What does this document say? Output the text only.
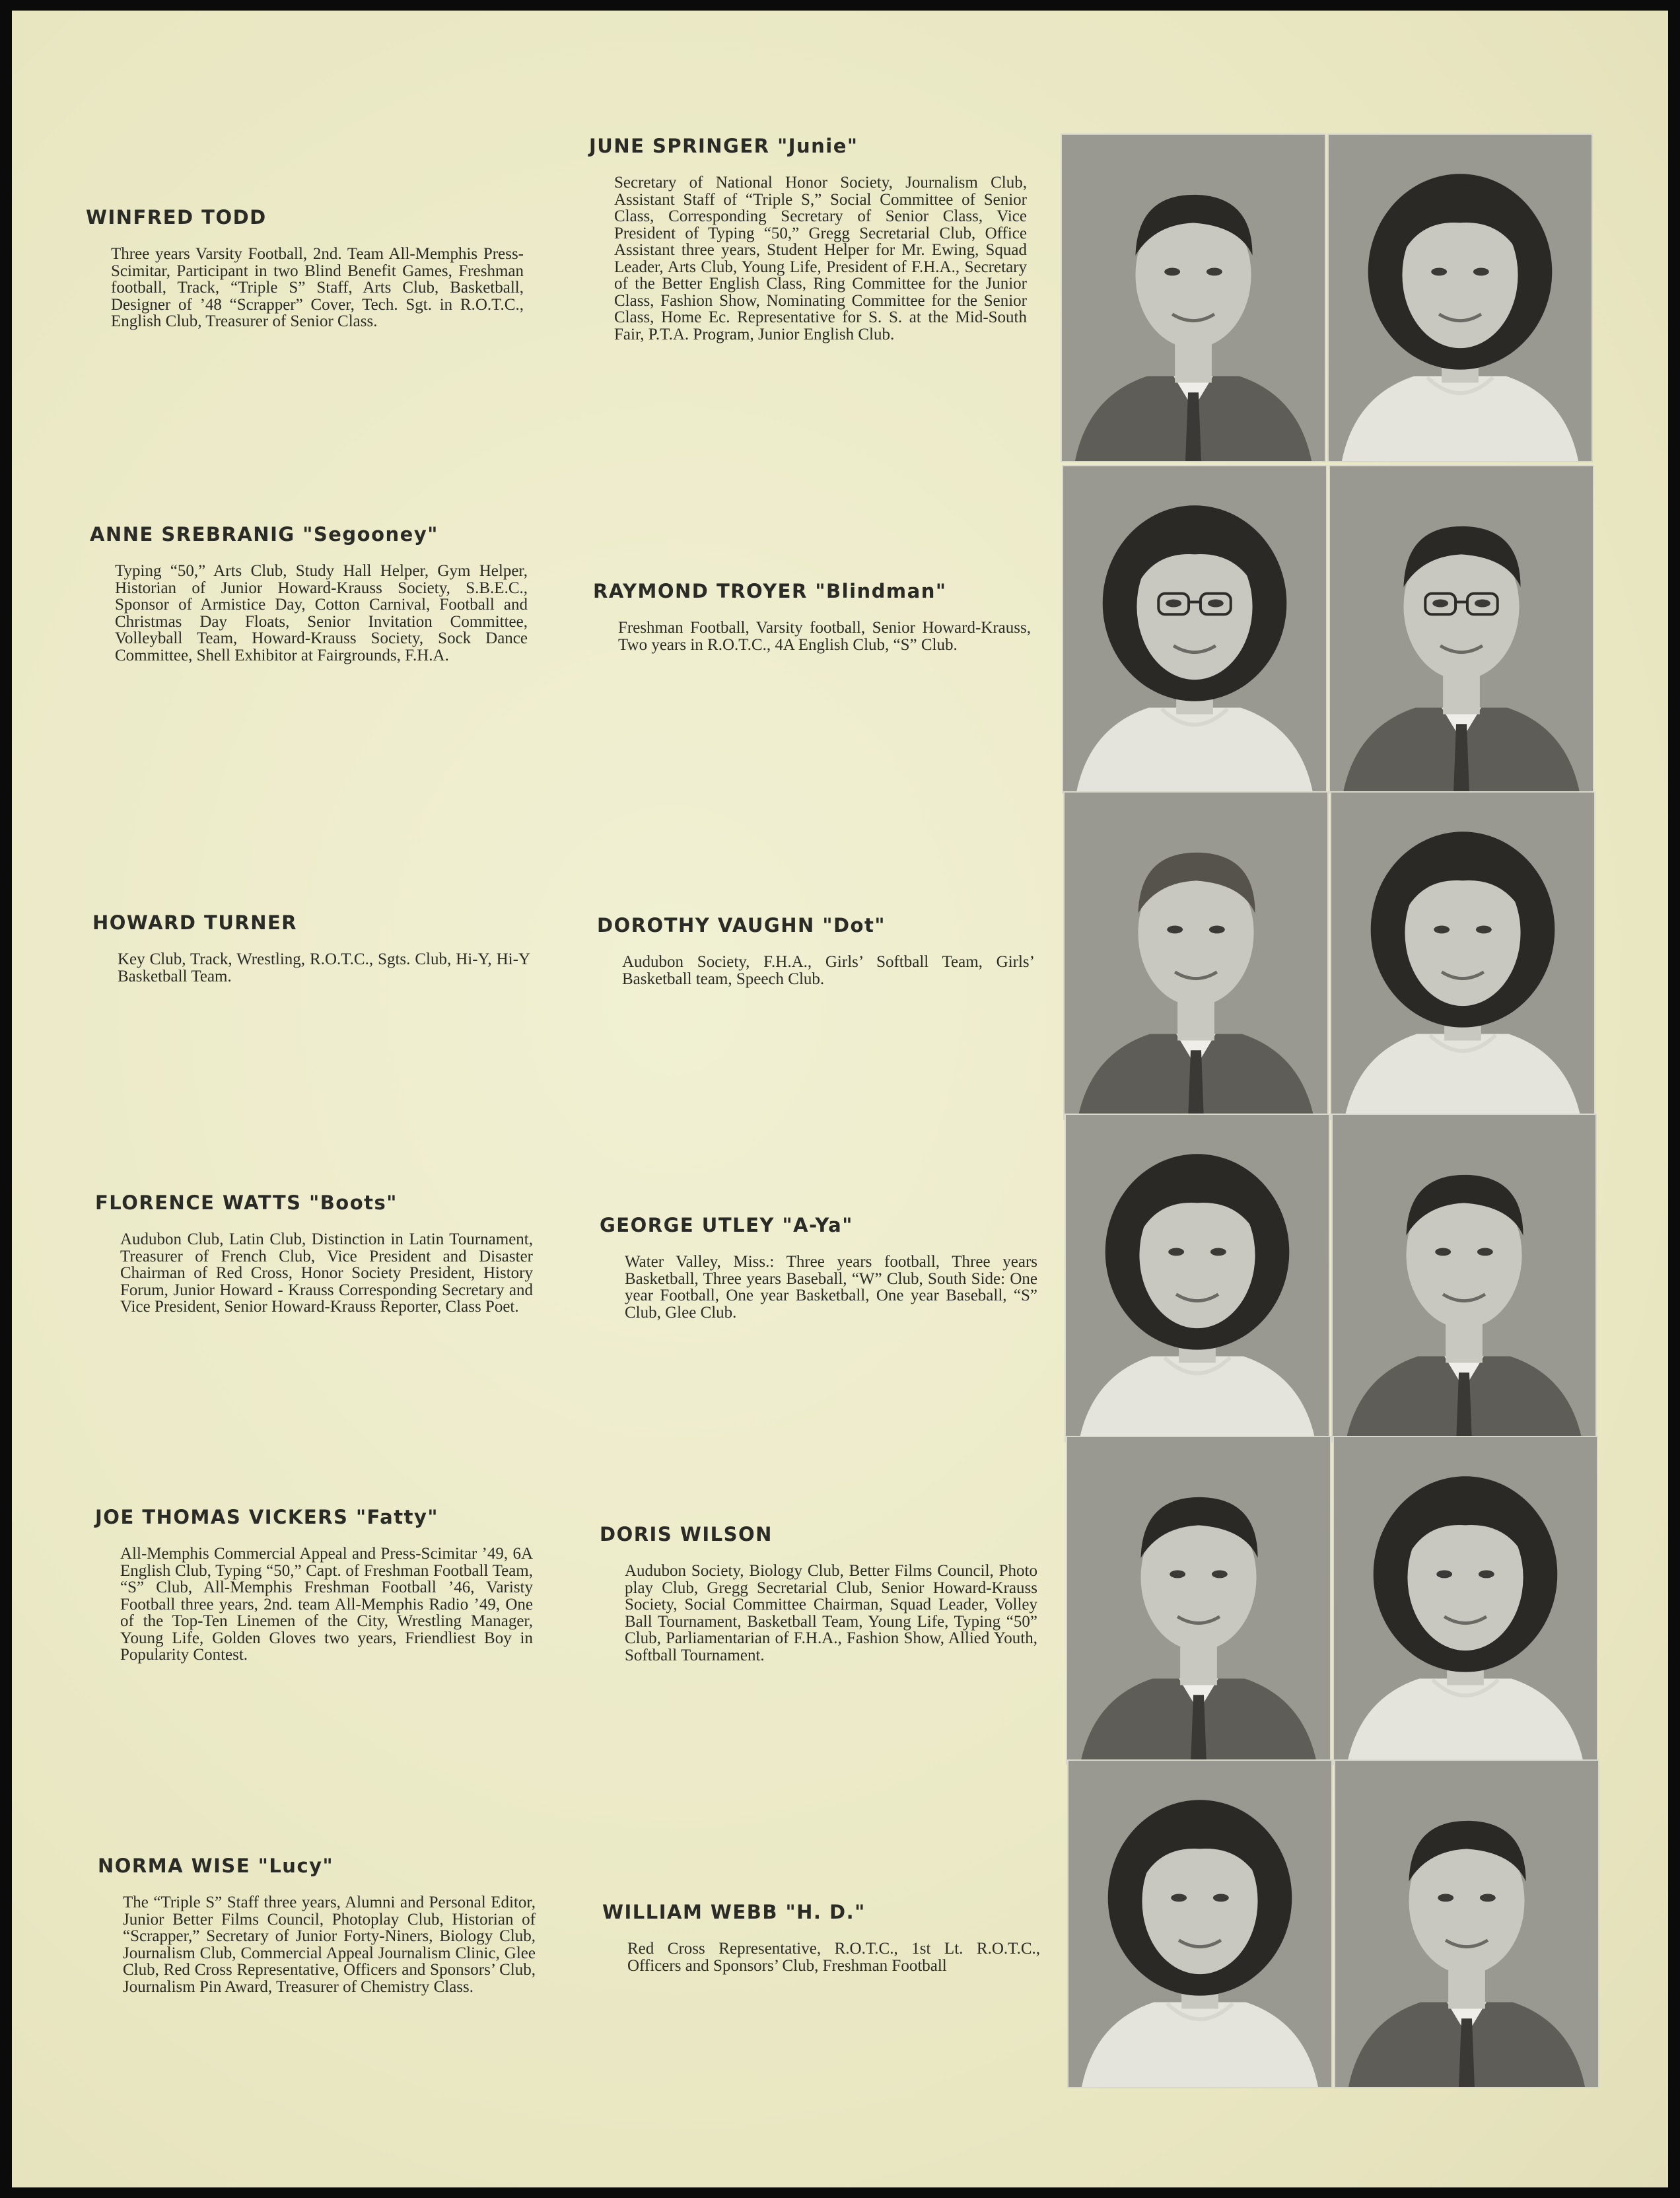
WINFRED TODD
Three years Varsity Football, 2nd. Team All-Memphis Press-Scimitar, Participant in two Blind Benefit Games, Freshman football, Track, “Triple S” Staff, Arts Club, Basketball, Designer of ’48 “Scrapper” Cover, Tech. Sgt. in R.O.T.C., English Club, Treasurer of Senior Class.
ANNE SREBRANIG "Segooney"
Typing “50,” Arts Club, Study Hall Helper, Gym Helper, Historian of Junior Howard-Krauss Society, S.B.E.C., Sponsor of Armistice Day, Cotton Carnival, Football and Christmas Day Floats, Senior Invitation Committee, Volleyball Team, Howard-Krauss Society, Sock Dance Committee, Shell Exhibitor at Fairgrounds, F.H.A.
HOWARD TURNER
Key Club, Track, Wrestling, R.O.T.C., Sgts. Club, Hi-Y, Hi-Y Basketball Team.
FLORENCE WATTS "Boots"
Audubon Club, Latin Club, Distinction in Latin Tournament, Treasurer of French Club, Vice President and Disaster Chairman of Red Cross, Honor Society President, History Forum, Junior Howard - Krauss Corresponding Secretary and Vice President, Senior Howard-Krauss Reporter, Class Poet.
JOE THOMAS VICKERS "Fatty"
All-Memphis Commercial Appeal and Press-Scimitar ’49, 6A English Club, Typing “50,” Capt. of Freshman Football Team, “S” Club, All-Memphis Freshman Football ’46, Varisty Football three years, 2nd. team All-Memphis Radio ’49, One of the Top-Ten Linemen of the City, Wrestling Manager, Young Life, Golden Gloves two years, Friendliest Boy in Popularity Contest.
NORMA WISE "Lucy"
The “Triple S” Staff three years, Alumni and Personal Editor, Junior Better Films Council, Photoplay Club, Historian of “Scrapper,” Secretary of Junior Forty-Niners, Biology Club, Journalism Club, Commercial Appeal Journalism Clinic, Glee Club, Red Cross Representative, Officers and Sponsors’ Club, Journalism Pin Award, Treasurer of Chemistry Class.
JUNE SPRINGER "Junie"
Secretary of National Honor Society, Journalism Club, Assistant Staff of “Triple S,” Social Committee of Senior Class, Corresponding Secretary of Senior Class, Vice President of Typing “50,” Gregg Secretarial Club, Office Assistant three years, Student Helper for Mr. Ewing, Squad Leader, Arts Club, Young Life, President of F.H.A., Secretary of the Better English Class, Ring Committee for the Junior Class, Fashion Show, Nominating Committee for the Senior Class, Home Ec. Representative for S. S. at the Mid-South Fair, P.T.A. Program, Junior English Club.
RAYMOND TROYER "Blindman"
Freshman Football, Varsity football, Senior Howard-Krauss, Two years in R.O.T.C., 4A English Club, “S” Club.
DOROTHY VAUGHN "Dot"
Audubon Society, F.H.A., Girls’ Softball Team, Girls’ Basketball team, Speech Club.
GEORGE UTLEY "A-Ya"
Water Valley, Miss.: Three years football, Three years Basketball, Three years Baseball, “W” Club, South Side: One year Football, One year Basketball, One year Baseball, “S” Club, Glee Club.
DORIS WILSON
Audubon Society, Biology Club, Better Films Council, Photo play Club, Gregg Secretarial Club, Senior Howard-Krauss Society, Social Committee Chairman, Squad Leader, Volley Ball Tournament, Basketball Team, Young Life, Typing “50” Club, Parliamentarian of F.H.A., Fashion Show, Allied Youth, Softball Tournament.
WILLIAM WEBB "H. D."
Red Cross Representative, R.O.T.C., 1st Lt. R.O.T.C., Officers and Sponsors’ Club, Freshman Football
